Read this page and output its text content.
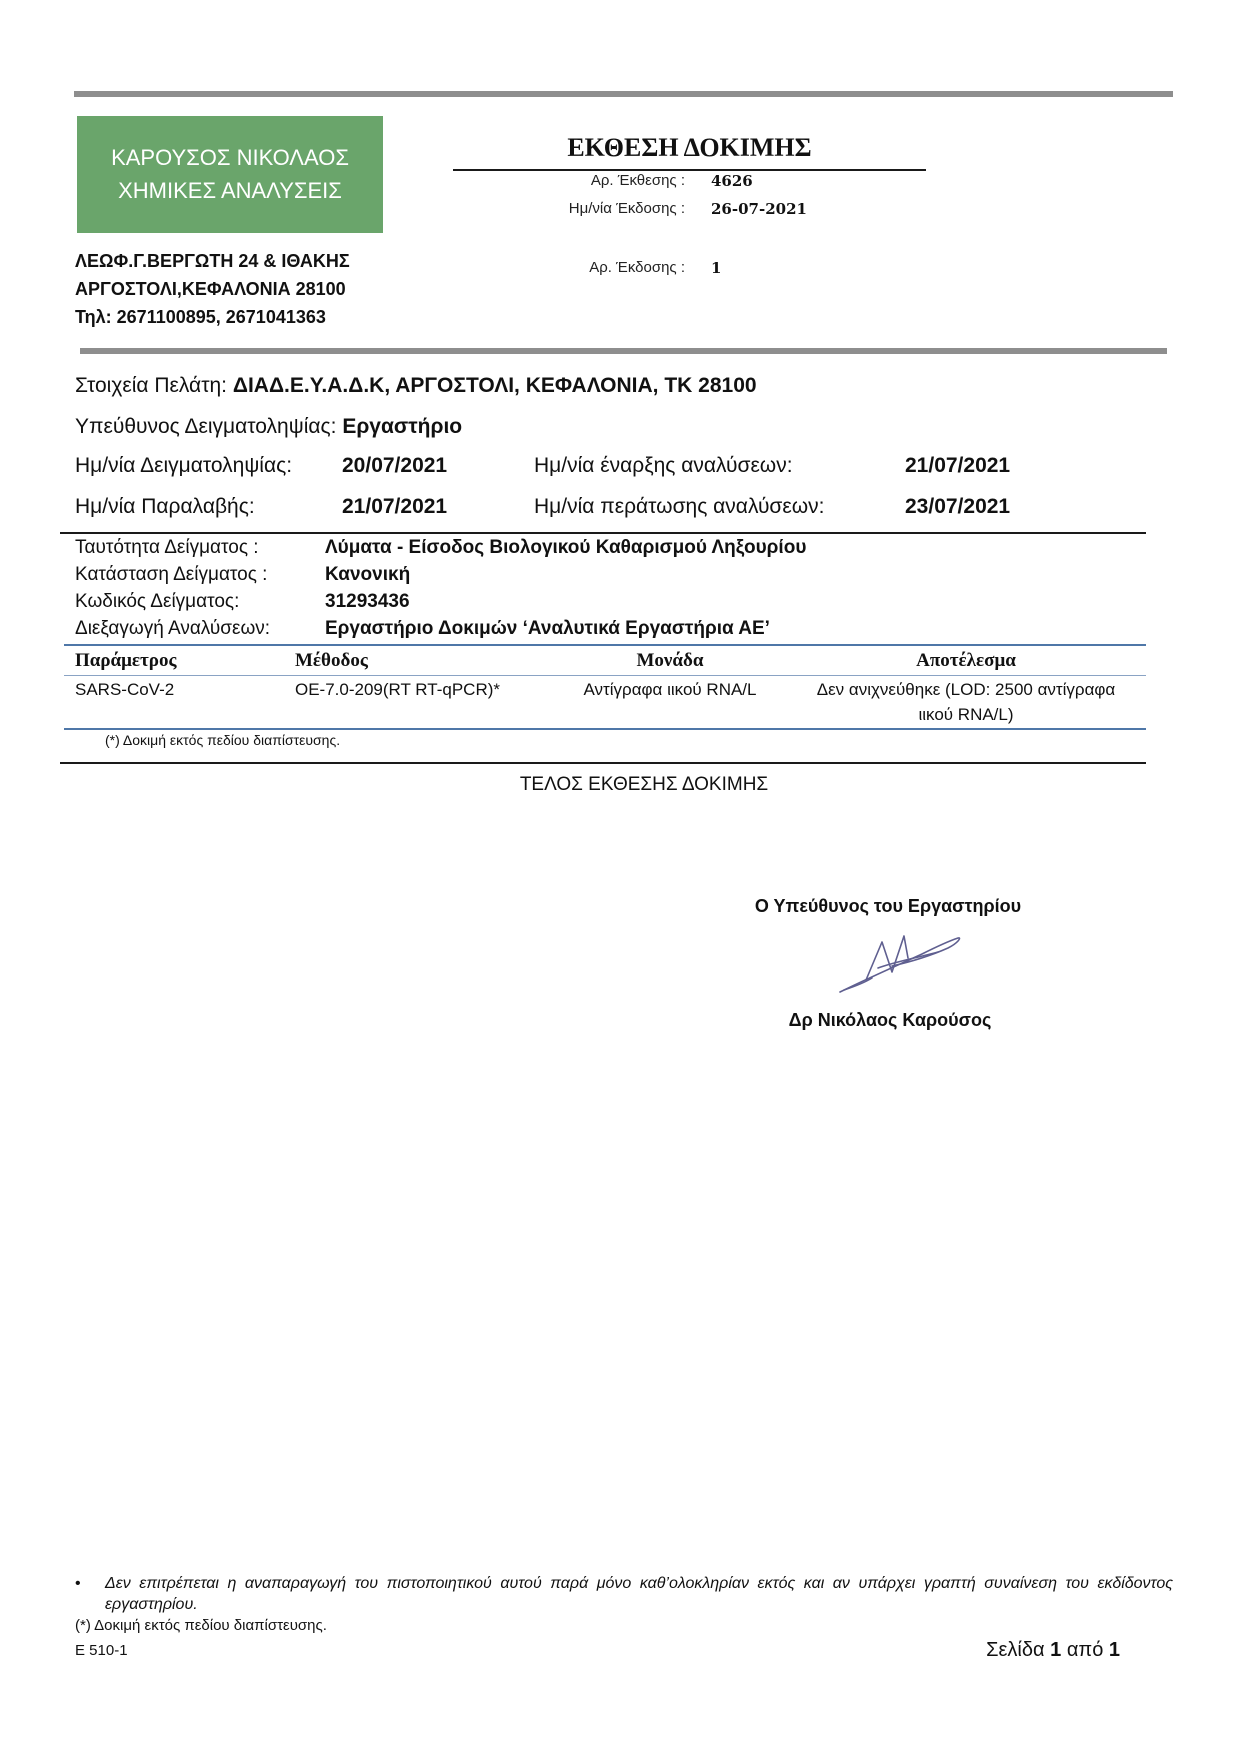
ΚΑΡΟΥΣΟΣ ΝΙΚΟΛΑΟΣ
ΧΗΜΙΚΕΣ ΑΝΑΛΥΣΕΙΣ
ΛΕΩΦ.Γ.ΒΕΡΓΩΤΗ 24 & ΙΘΑΚΗΣ
ΑΡΓΟΣΤΟΛΙ,ΚΕΦΑΛΟΝΙΑ 28100
Τηλ: 2671100895, 2671041363
ΕΚΘΕΣΗ ΔΟΚΙΜΗΣ
Αρ. Έκθεσης : 4626
Ημ/νία Έκδοσης : 26-07-2021
Αρ. Έκδοσης : 1
Στοιχεία Πελάτη: ΔΙΑΔ.Ε.Υ.Α.Δ.Κ, ΑΡΓΟΣΤΟΛΙ, ΚΕΦΑΛΟΝΙΑ, ΤΚ 28100
Υπεύθυνος Δειγματοληψίας: Εργαστήριο
Ημ/νία Δειγματοληψίας: 20/07/2021	Ημ/νία έναρξης αναλύσεων:	21/07/2021
Ημ/νία Παραλαβής:	21/07/2021	Ημ/νία περάτωσης αναλύσεων:	23/07/2021
Ταυτότητα Δείγματος :	Λύματα - Είσοδος Βιολογικού Καθαρισμού Ληξουρίου
Κατάσταση Δείγματος :	Κανονική
Κωδικός Δείγματος:	31293436
Διεξαγωγή Αναλύσεων:	Εργαστήριο Δοκιμών ‘Αναλυτικά Εργαστήρια ΑΕ’
Παράμετρος	Μέθοδος	Μονάδα	Αποτέλεσμα
SARS-CoV-2	ΟΕ-7.0-209(RT RT-qPCR)*	Αντίγραφα ιικού RNA/L	Δεν ανιχνεύθηκε (LOD: 2500 αντίγραφα ιικού RNA/L)
(*) Δοκιμή εκτός πεδίου διαπίστευσης.
ΤΕΛΟΣ ΕΚΘΕΣΗΣ ΔΟΚΙΜΗΣ
Ο Υπεύθυνος του Εργαστηρίου
Δρ Νικόλαος Καρούσος
• Δεν επιτρέπεται η αναπαραγωγή του πιστοποιητικού αυτού παρά μόνο καθ’ολοκληρίαν εκτός και αν υπάρχει γραπτή συναίνεση του εκδίδοντος εργαστηρίου.
(*) Δοκιμή εκτός πεδίου διαπίστευσης.
Ε 510-1	Σελίδα 1 από 1
